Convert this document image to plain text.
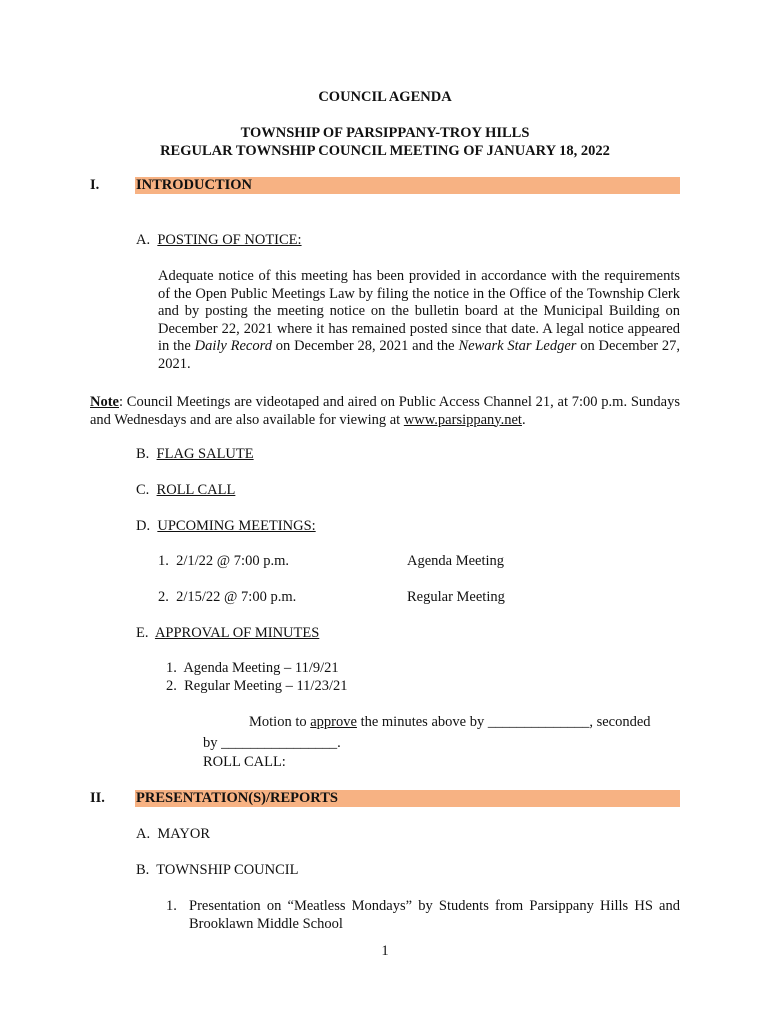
COUNCIL AGENDA
TOWNSHIP OF PARSIPPANY-TROY HILLS
REGULAR TOWNSHIP COUNCIL MEETING OF JANUARY 18, 2022
I.	INTRODUCTION
A. POSTING OF NOTICE:
Adequate notice of this meeting has been provided in accordance with the requirements of the Open Public Meetings Law by filing the notice in the Office of the Township Clerk and by posting the meeting notice on the bulletin board at the Municipal Building on December 22, 2021 where it has remained posted since that date. A legal notice appeared in the Daily Record on December 28, 2021 and the Newark Star Ledger on December 27, 2021.
Note: Council Meetings are videotaped and aired on Public Access Channel 21, at 7:00 p.m. Sundays and Wednesdays and are also available for viewing at www.parsippany.net.
B. FLAG SALUTE
C. ROLL CALL
D. UPCOMING MEETINGS:
1. 2/1/22 @ 7:00 p.m.	Agenda Meeting
2. 2/15/22 @ 7:00 p.m.	Regular Meeting
E. APPROVAL OF MINUTES
1. Agenda Meeting – 11/9/21
2. Regular Meeting – 11/23/21
Motion to approve the minutes above by ______________, seconded
by ________________.
ROLL CALL:
II. PRESENTATION(S)/REPORTS
A. MAYOR
B. TOWNSHIP COUNCIL
1. Presentation on “Meatless Mondays” by Students from Parsippany Hills HS and Brooklawn Middle School
1
